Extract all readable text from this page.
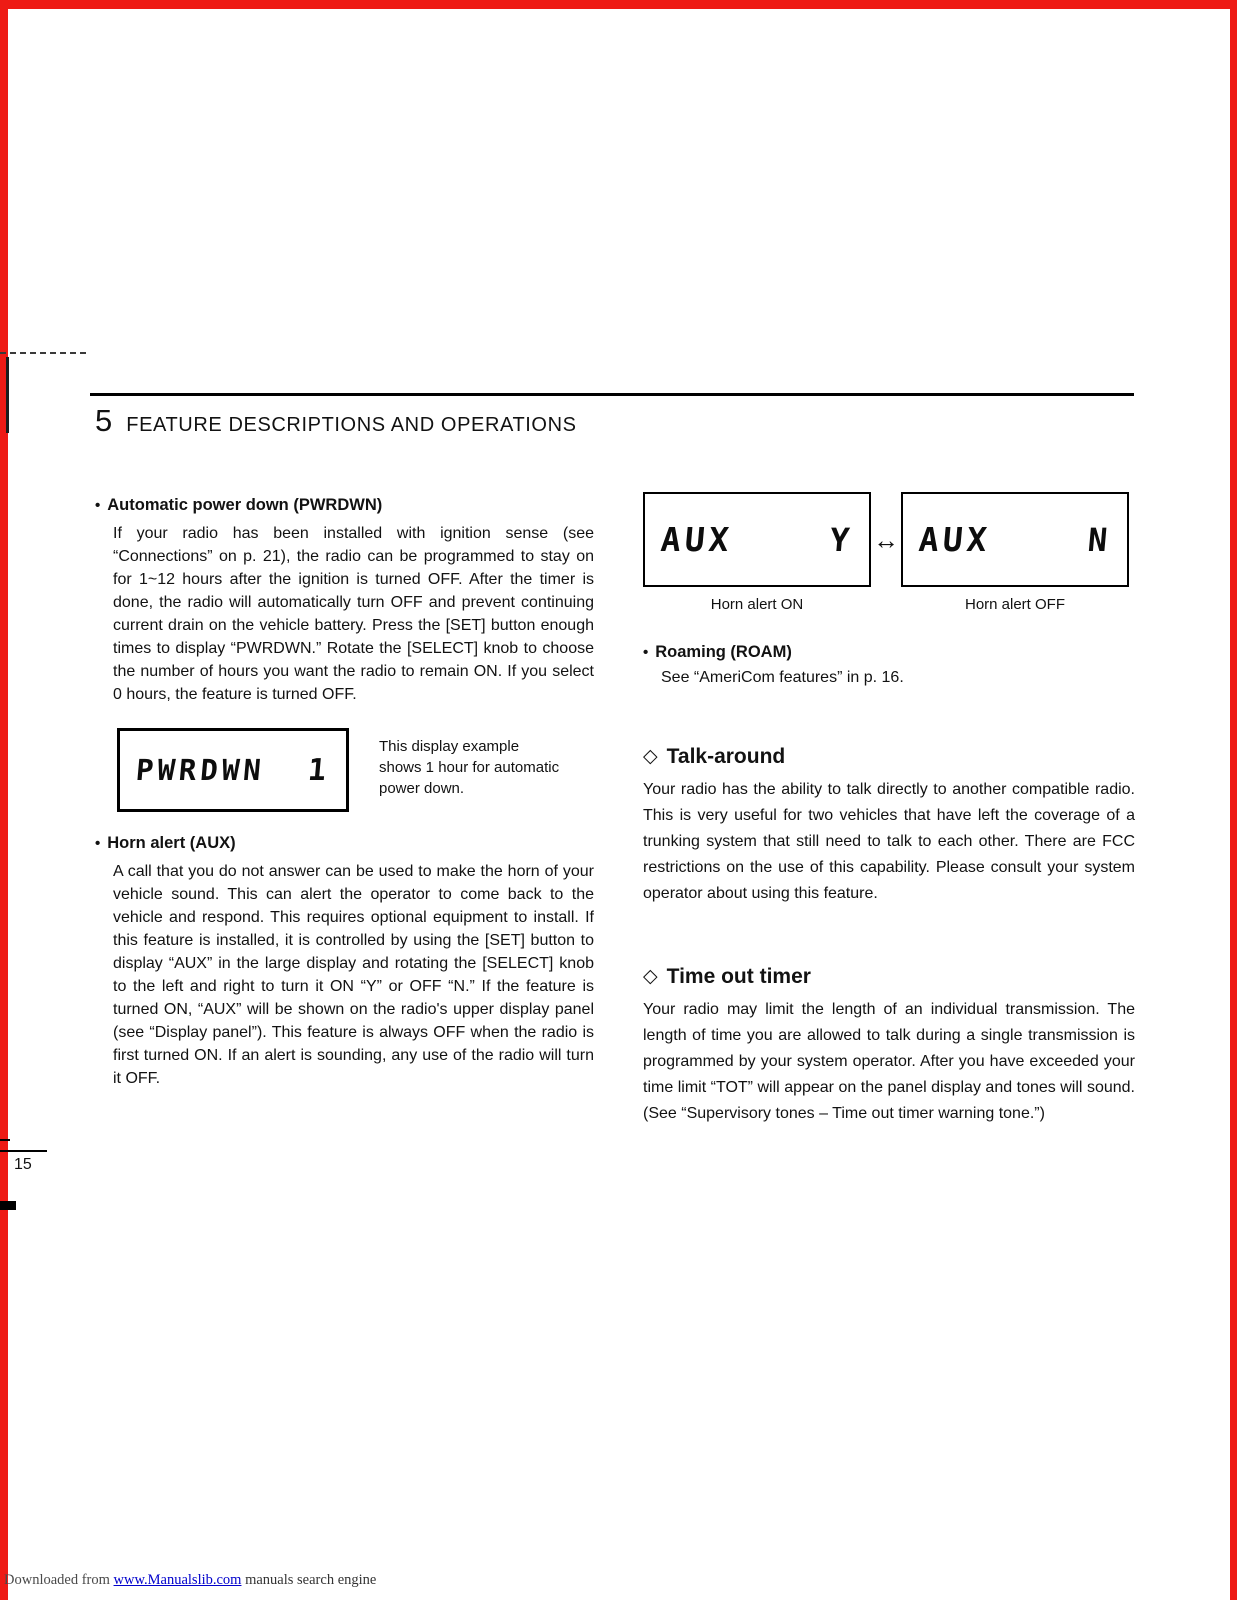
5 FEATURE DESCRIPTIONS AND OPERATIONS
• Automatic power down (PWRDWN)
If your radio has been installed with ignition sense (see “Connections” on p. 21), the radio can be programmed to stay on for 1~12 hours after the ignition is turned OFF. After the timer is done, the radio will automatically turn OFF and prevent continuing current drain on the vehicle battery. Press the [SET] button enough times to display “PWRDWN.” Rotate the [SELECT] knob to choose the number of hours you want the radio to remain ON. If you select 0 hours, the feature is turned OFF.
PWRDWN 1
This display example shows 1 hour for automatic power down.
• Horn alert (AUX)
A call that you do not answer can be used to make the horn of your vehicle sound. This can alert the operator to come back to the vehicle and respond. This requires optional equipment to install. If this feature is installed, it is controlled by using the [SET] button to display “AUX” in the large display and rotating the [SELECT] knob to the left and right to turn it ON “Y” or OFF “N.” If the feature is turned ON, “AUX” will be shown on the radio's upper display panel (see “Display panel”). This feature is always OFF when the radio is first turned ON. If an alert is sounding, any use of the radio will turn it OFF.
AUX	Y ↔ AUX	N
Horn alert ON	Horn alert OFF
• Roaming (ROAM)
See “AmeriCom features” in p. 16.
◇ Talk-around
Your radio has the ability to talk directly to another compatible radio. This is very useful for two vehicles that have left the coverage of a trunking system that still need to talk to each other. There are FCC restrictions on the use of this capability. Please consult your system operator about using this feature.
◇ Time out timer
Your radio may limit the length of an individual transmission. The length of time you are allowed to talk during a single transmission is programmed by your system operator. After you have exceeded your time limit “TOT” will appear on the panel display and tones will sound. (See “Supervisory tones – Time out timer warning tone.”)
15
Downloaded from www.Manualslib.com manuals search engine
